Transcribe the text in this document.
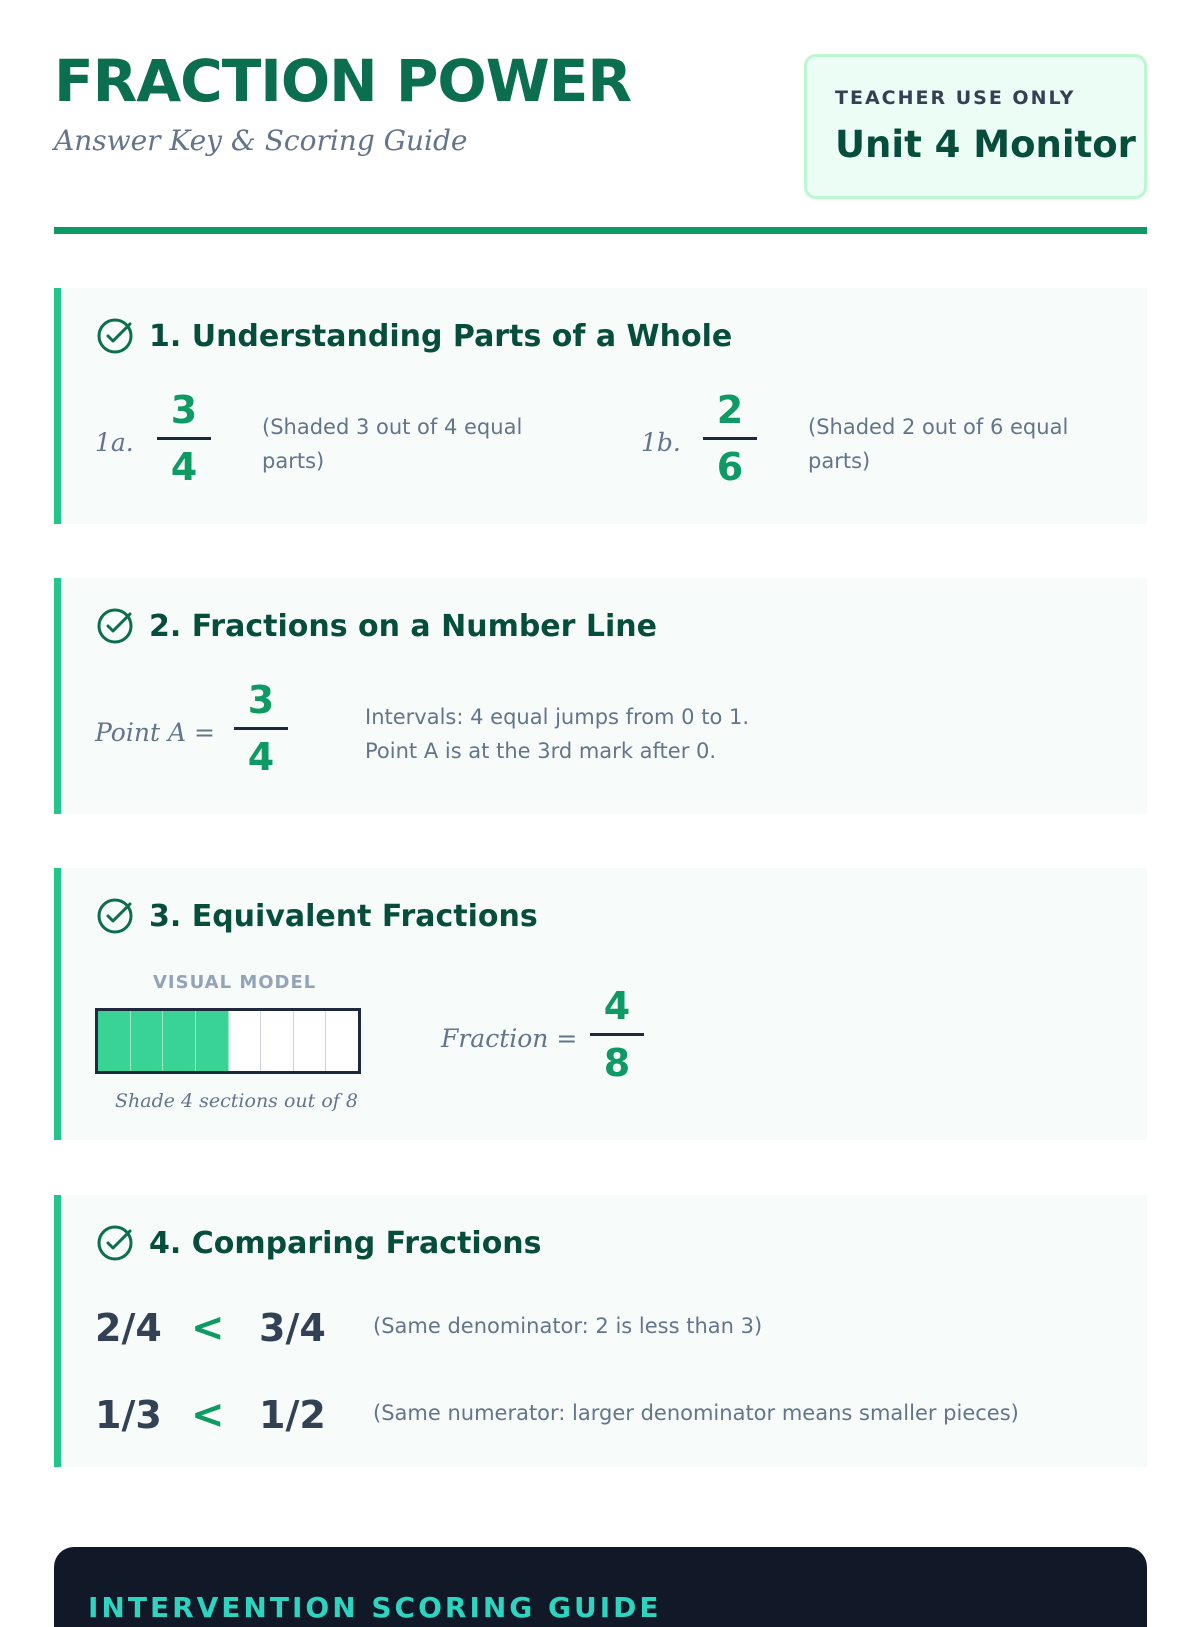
FRACTION POWER
Answer Key & Scoring Guide
TEACHER USE ONLY
Unit 4 Monitor
1. Understanding Parts of a Whole
1a.
3
4
(Shaded 3 out of 4 equal parts)
1b.
2
6
(Shaded 2 out of 6 equal parts)
2. Fractions on a Number Line
Point A =
3
4
Intervals: 4 equal jumps from 0 to 1.
Point A is at the 3rd mark after 0.
3. Equivalent Fractions
VISUAL MODEL
Shade 4 sections out of 8
Fraction =
4
8
4. Comparing Fractions
2/4 < 3/4 (Same denominator: 2 is less than 3)
1/3 < 1/2 (Same numerator: larger denominator means smaller pieces)
INTERVENTION SCORING GUIDE
